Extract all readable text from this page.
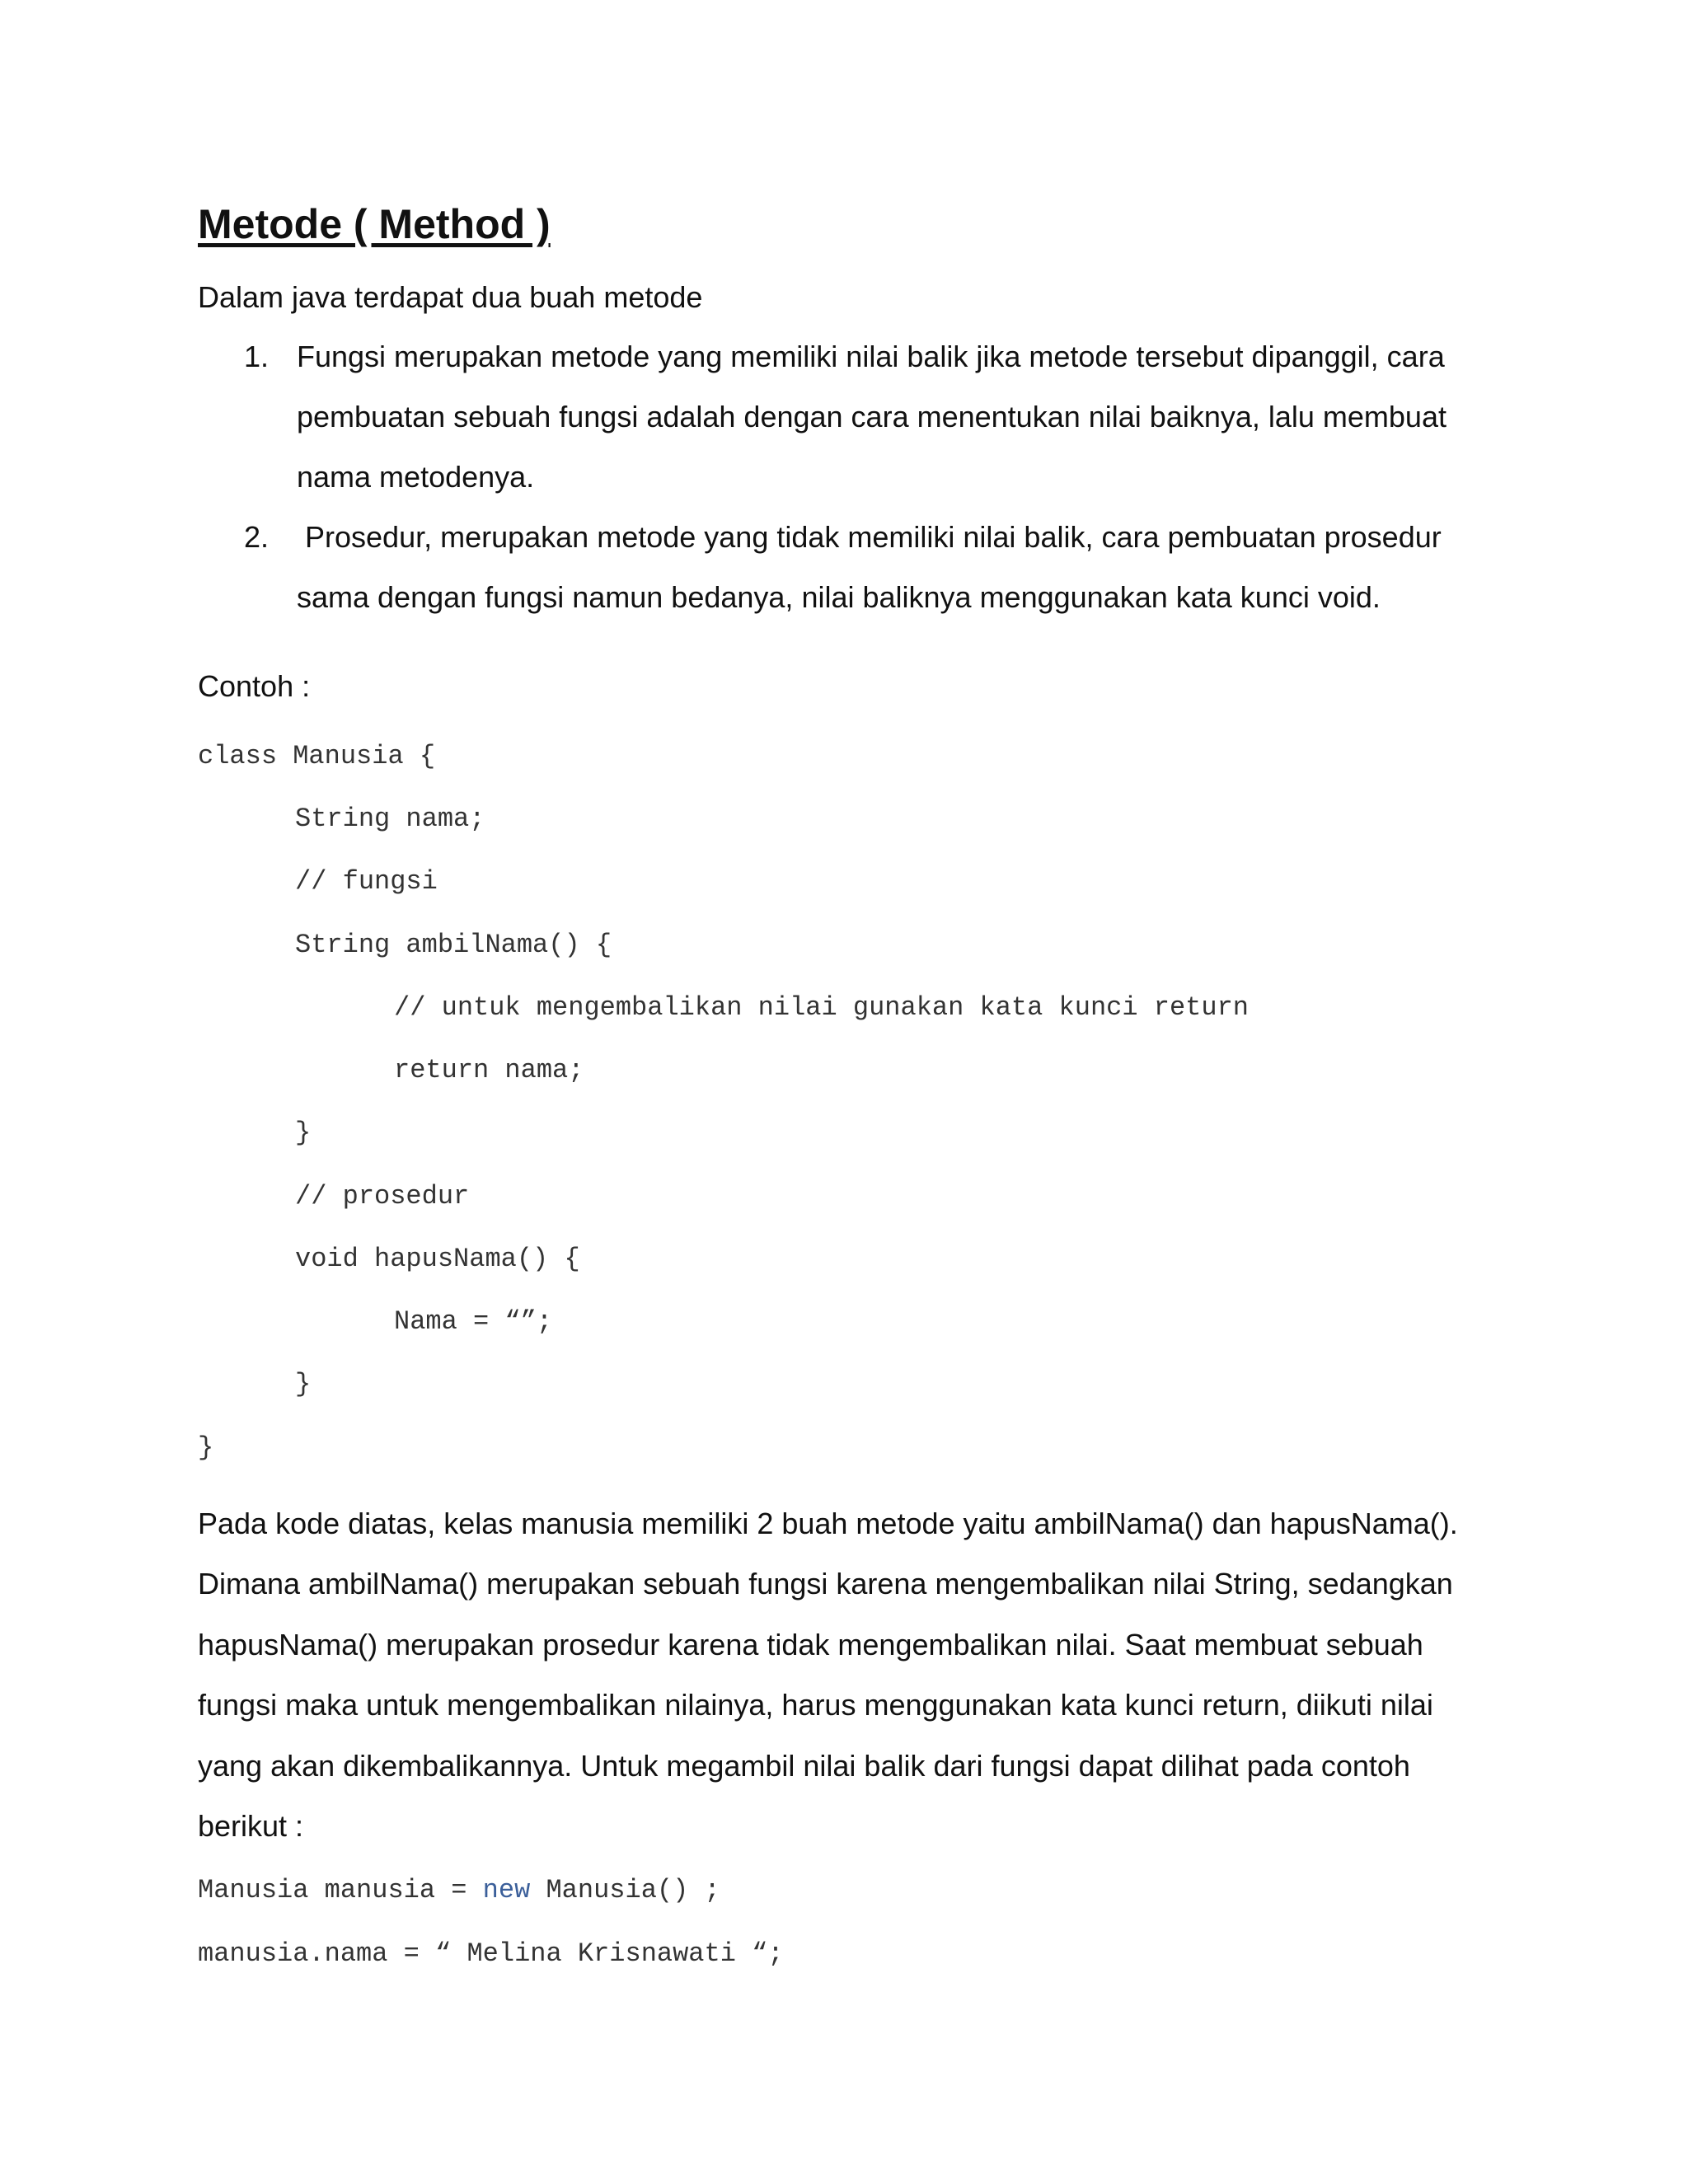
Metode ( Method )

Dalam java terdapat dua buah metode

1. Fungsi merupakan metode yang memiliki nilai balik jika metode tersebut dipanggil, cara
pembuatan sebuah fungsi adalah dengan cara menentukan nilai baiknya, lalu membuat
nama metodenya.
2. Prosedur, merupakan metode yang tidak memiliki nilai balik, cara pembuatan prosedur
sama dengan fungsi namun bedanya, nilai baliknya menggunakan kata kunci void.

Contoh :

class Manusia {

String nama;

// fungsi

String ambilNama() {

// untuk mengembalikan nilai gunakan kata kunci return

return nama;

}

// prosedur

void hapusNama() {

Nama = “”;

}

}

Pada kode diatas, kelas manusia memiliki 2 buah metode yaitu ambilNama() dan hapusNama().
Dimana ambilNama() merupakan sebuah fungsi karena mengembalikan nilai String, sedangkan
hapusNama() merupakan prosedur karena tidak mengembalikan nilai. Saat membuat sebuah
fungsi maka untuk mengembalikan nilainya, harus menggunakan kata kunci return, diikuti nilai
yang akan dikembalikannya. Untuk megambil nilai balik dari fungsi dapat dilihat pada contoh
berikut :

Manusia manusia = new Manusia() ;

manusia.nama = “ Melina Krisnawati “;
